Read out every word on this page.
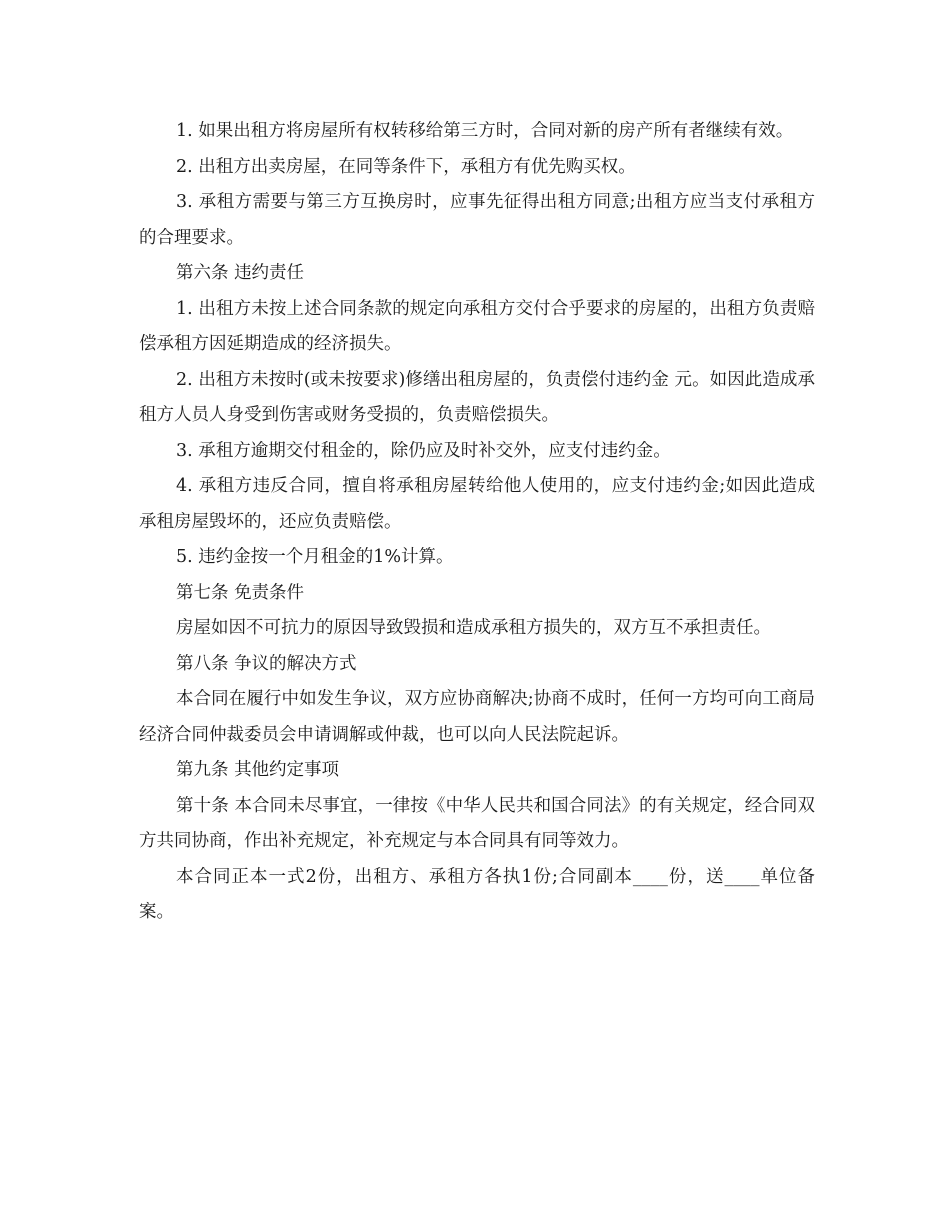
1. 如果出租方将房屋所有权转移给第三方时，合同对新的房产所有者继续有效。

2. 出租方出卖房屋，在同等条件下，承租方有优先购买权。

3. 承租方需要与第三方互换房时，应事先征得出租方同意;出租方应当支付承租方的合理要求。

第六条 违约责任

1. 出租方未按上述合同条款的规定向承租方交付合乎要求的房屋的，出租方负责赔偿承租方因延期造成的经济损失。

2. 出租方未按时(或未按要求)修缮出租房屋的，负责偿付违约金 元。如因此造成承租方人员人身受到伤害或财务受损的，负责赔偿损失。

3. 承租方逾期交付租金的，除仍应及时补交外，应支付违约金。

4. 承租方违反合同，擅自将承租房屋转给他人使用的，应支付违约金;如因此造成承租房屋毁坏的，还应负责赔偿。

5. 违约金按一个月租金的1%计算。

第七条 免责条件

房屋如因不可抗力的原因导致毁损和造成承租方损失的，双方互不承担责任。

第八条 争议的解决方式

本合同在履行中如发生争议，双方应协商解决;协商不成时，任何一方均可向工商局经济合同仲裁委员会申请调解或仲裁，也可以向人民法院起诉。

第九条 其他约定事项

第十条 本合同未尽事宜，一律按《中华人民共和国合同法》的有关规定，经合同双方共同协商，作出补充规定，补充规定与本合同具有同等效力。

本合同正本一式2份，出租方、承租方各执1份;合同副本____份，送____单位备案。
